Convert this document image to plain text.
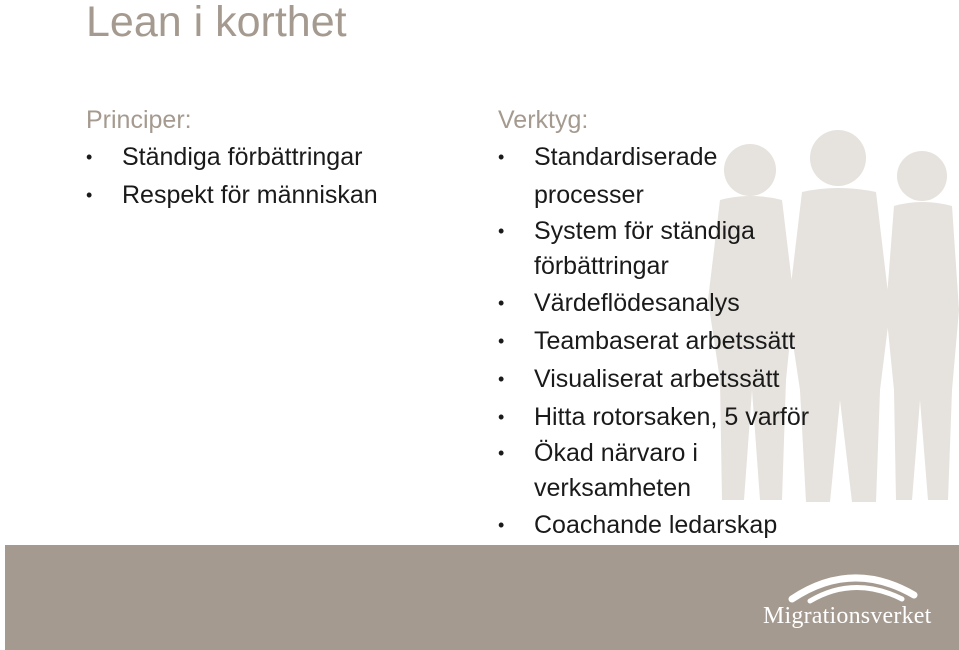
Lean i korthet
Principer:
• Ständiga förbättringar
• Respekt för människan
Verktyg:
• Standardiserade processer
• System för ständiga förbättringar
• Värdeflödesanalys
• Teambaserat arbetssätt
• Visualiserat arbetssätt
• Hitta rotorsaken, 5 varför
• Ökad närvaro i verksamheten
• Coachande ledarskap
Migrationsverket
